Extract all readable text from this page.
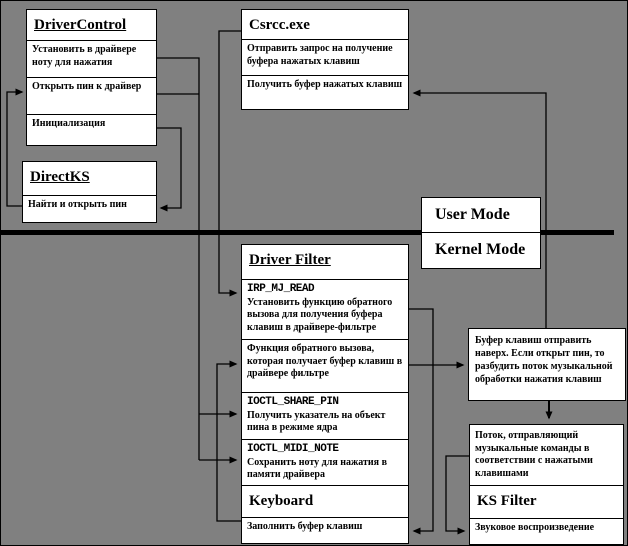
DriverControl
Установить в драйвере ноту для нажатия
Открыть пин к драйвер
Инициализация
DirectKS
Найти и открыть пин
Csrcc.exe
Отправить запрос на получение буфера нажатых клавиш
Получить буфер нажатых клавиш
User Mode
Kernel Mode
Driver Filter
IRP_MJ_READ
Установить функцию обратного вызова для получения буфера клавиш в драйвере-фильтре
Функция обратного вызова, которая получает буфер клавиш в драйвере фильтре
IOCTL_SHARE_PIN
Получить указатель на объект пина в режиме ядра
IOCTL_MIDI_NOTE
Сохранить ноту для нажатия в памяти драйвера
Keyboard
Заполнить буфер клавиш
Буфер клавиш отправить наверх. Если открыт пин, то разбудить поток музыкальной обработки нажатия клавиш
Поток, отправляющий музыкальные команды в соответствии с нажатыми клавишами
KS Filter
Звуковое воспроизведение
